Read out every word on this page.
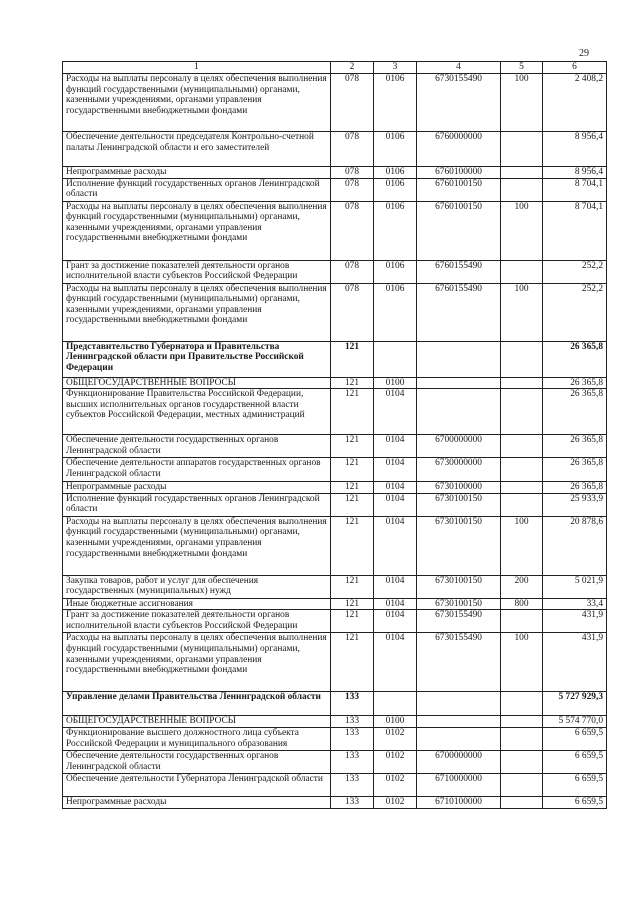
29
1	2	3	4	5	6
Расходы на выплаты персоналу в целях обеспечения выполнения функций государственными (муниципальными) органами, казенными учреждениями, органами управления государственными внебюджетными фондами	078	0106	6730155490	100	2 408,2
Обеспечение деятельности председателя Контрольно-счетной палаты Ленинградской области и его заместителей	078	0106	6760000000		8 956,4
Непрограммные расходы	078	0106	6760100000		8 956,4
Исполнение функций государственных органов Ленинградской области	078	0106	6760100150		8 704,1
Расходы на выплаты персоналу в целях обеспечения выполнения функций государственными (муниципальными) органами, казенными учреждениями, органами управления государственными внебюджетными фондами	078	0106	6760100150	100	8 704,1
Грант за достижение показателей деятельности органов исполнительной власти субъектов Российской Федерации	078	0106	6760155490		252,2
Расходы на выплаты персоналу в целях обеспечения выполнения функций государственными (муниципальными) органами, казенными учреждениями, органами управления государственными внебюджетными фондами	078	0106	6760155490	100	252,2
Представительство Губернатора и Правительства Ленинградской области при Правительстве Российской Федерации	121				26 365,8
ОБЩЕГОСУДАРСТВЕННЫЕ ВОПРОСЫ	121	0100			26 365,8
Функционирование Правительства Российской Федерации, высших исполнительных органов государственной власти субъектов Российской Федерации, местных администраций	121	0104			26 365,8
Обеспечение деятельности государственных органов Ленинградской области	121	0104	6700000000		26 365,8
Обеспечение деятельности аппаратов государственных органов Ленинградской области	121	0104	6730000000		26 365,8
Непрограммные расходы	121	0104	6730100000		26 365,8
Исполнение функций государственных органов Ленинградской области	121	0104	6730100150		25 933,9
Расходы на выплаты персоналу в целях обеспечения выполнения функций государственными (муниципальными) органами, казенными учреждениями, органами управления государственными внебюджетными фондами	121	0104	6730100150	100	20 878,6
Закупка товаров, работ и услуг для обеспечения государственных (муниципальных) нужд	121	0104	6730100150	200	5 021,9
Иные бюджетные ассигнования	121	0104	6730100150	800	33,4
Грант за достижение показателей деятельности органов исполнительной власти субъектов Российской Федерации	121	0104	6730155490		431,9
Расходы на выплаты персоналу в целях обеспечения выполнения функций государственными (муниципальными) органами, казенными учреждениями, органами управления государственными внебюджетными фондами	121	0104	6730155490	100	431,9
Управление делами Правительства Ленинградской области	133				5 727 929,3
ОБЩЕГОСУДАРСТВЕННЫЕ ВОПРОСЫ	133	0100			5 574 770,0
Функционирование высшего должностного лица субъекта Российской Федерации и муниципального образования	133	0102			6 659,5
Обеспечение деятельности государственных органов Ленинградской области	133	0102	6700000000		6 659,5
Обеспечение деятельности Губернатора Ленинградской области	133	0102	6710000000		6 659,5
Непрограммные расходы	133	0102	6710100000		6 659,5
